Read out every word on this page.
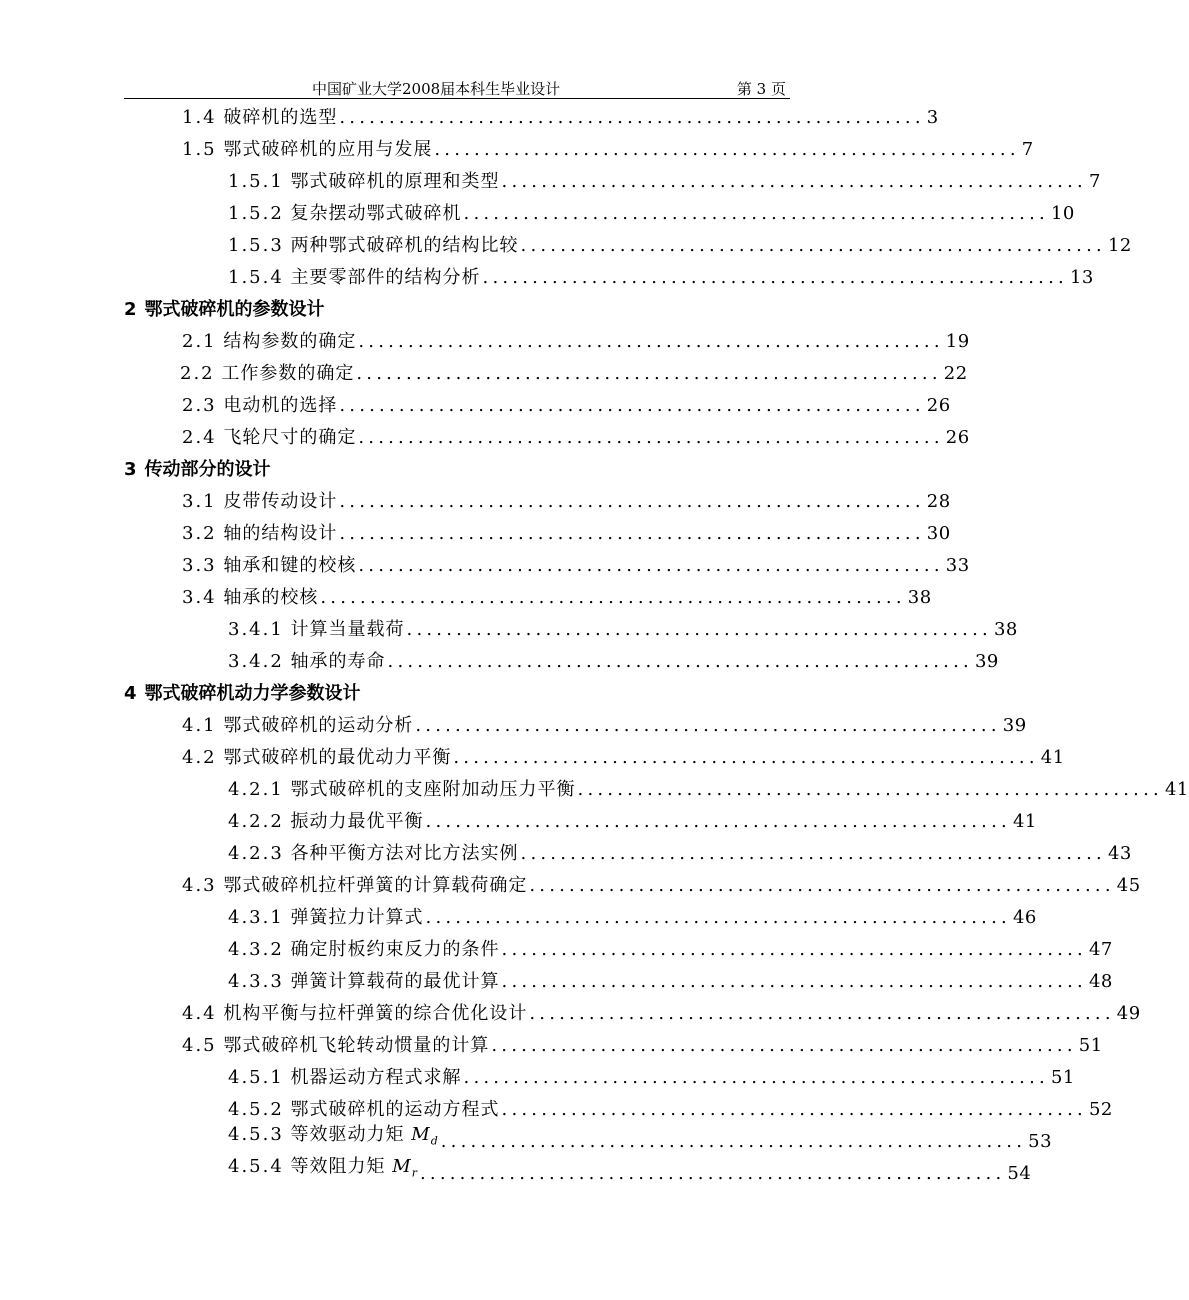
中国矿业大学2008届本科生毕业设计	第 3 页
1.4 破碎机的选型 ........................................................... 3
1.5 鄂式破碎机的应用与发展 ........................................................... 7
1.5.1 鄂式破碎机的原理和类型 ........................................................... 7
1.5.2 复杂摆动鄂式破碎机 ........................................................... 10
1.5.3 两种鄂式破碎机的结构比较 ........................................................... 12
1.5.4 主要零部件的结构分析 ........................................................... 13
2 鄂式破碎机的参数设计
2.1 结构参数的确定 ........................................................... 19
2.2 工作参数的确定 ........................................................... 22
2.3 电动机的选择 ........................................................... 26
2.4 飞轮尺寸的确定 ........................................................... 26
3 传动部分的设计
3.1 皮带传动设计 ........................................................... 28
3.2 轴的结构设计 ........................................................... 30
3.3 轴承和键的校核 ........................................................... 33
3.4 轴承的校核 ........................................................... 38
3.4.1 计算当量载荷 ........................................................... 38
3.4.2 轴承的寿命 ........................................................... 39
4 鄂式破碎机动力学参数设计
4.1 鄂式破碎机的运动分析 ........................................................... 39
4.2 鄂式破碎机的最优动力平衡 ........................................................... 41
4.2.1 鄂式破碎机的支座附加动压力平衡 ........................................................... 41
4.2.2 振动力最优平衡 ........................................................... 41
4.2.3 各种平衡方法对比方法实例 ........................................................... 43
4.3 鄂式破碎机拉杆弹簧的计算载荷确定 ........................................................... 45
4.3.1 弹簧拉力计算式 ........................................................... 46
4.3.2 确定肘板约束反力的条件 ........................................................... 47
4.3.3 弹簧计算载荷的最优计算 ........................................................... 48
4.4 机构平衡与拉杆弹簧的综合优化设计 ........................................................... 49
4.5 鄂式破碎机飞轮转动惯量的计算 ........................................................... 51
4.5.1 机器运动方程式求解 ........................................................... 51
4.5.2 鄂式破碎机的运动方程式 ........................................................... 52
4.5.3 等效驱动力矩 $M_d$ ........................................................... 53
4.5.4 等效阻力矩 $M_r$ ........................................................... 54
